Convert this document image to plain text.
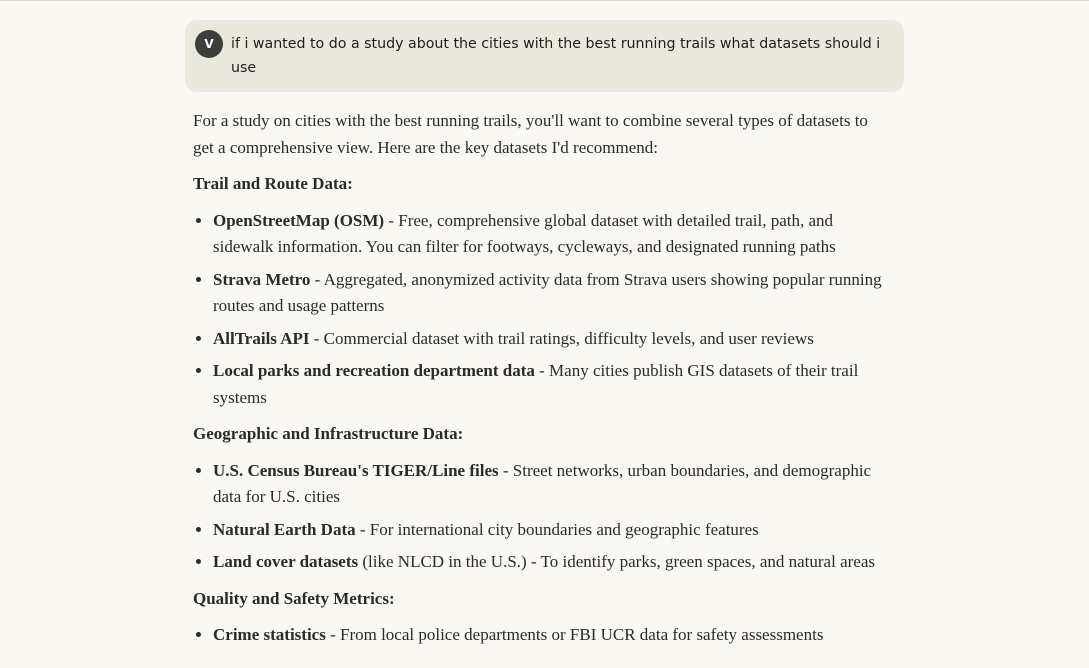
V	if i wanted to do a study about the cities with the best running trails what datasets should i use

For a study on cities with the best running trails, you'll want to combine several types of datasets to get a comprehensive view. Here are the key datasets I'd recommend:

Trail and Route Data:
• OpenStreetMap (OSM) - Free, comprehensive global dataset with detailed trail, path, and sidewalk information. You can filter for footways, cycleways, and designated running paths
• Strava Metro - Aggregated, anonymized activity data from Strava users showing popular running routes and usage patterns
• AllTrails API - Commercial dataset with trail ratings, difficulty levels, and user reviews
• Local parks and recreation department data - Many cities publish GIS datasets of their trail systems
Geographic and Infrastructure Data:
• U.S. Census Bureau's TIGER/Line files - Street networks, urban boundaries, and demographic data for U.S. cities
• Natural Earth Data - For international city boundaries and geographic features
• Land cover datasets (like NLCD in the U.S.) - To identify parks, green spaces, and natural areas
Quality and Safety Metrics:
• Crime statistics - From local police departments or FBI UCR data for safety assessments
